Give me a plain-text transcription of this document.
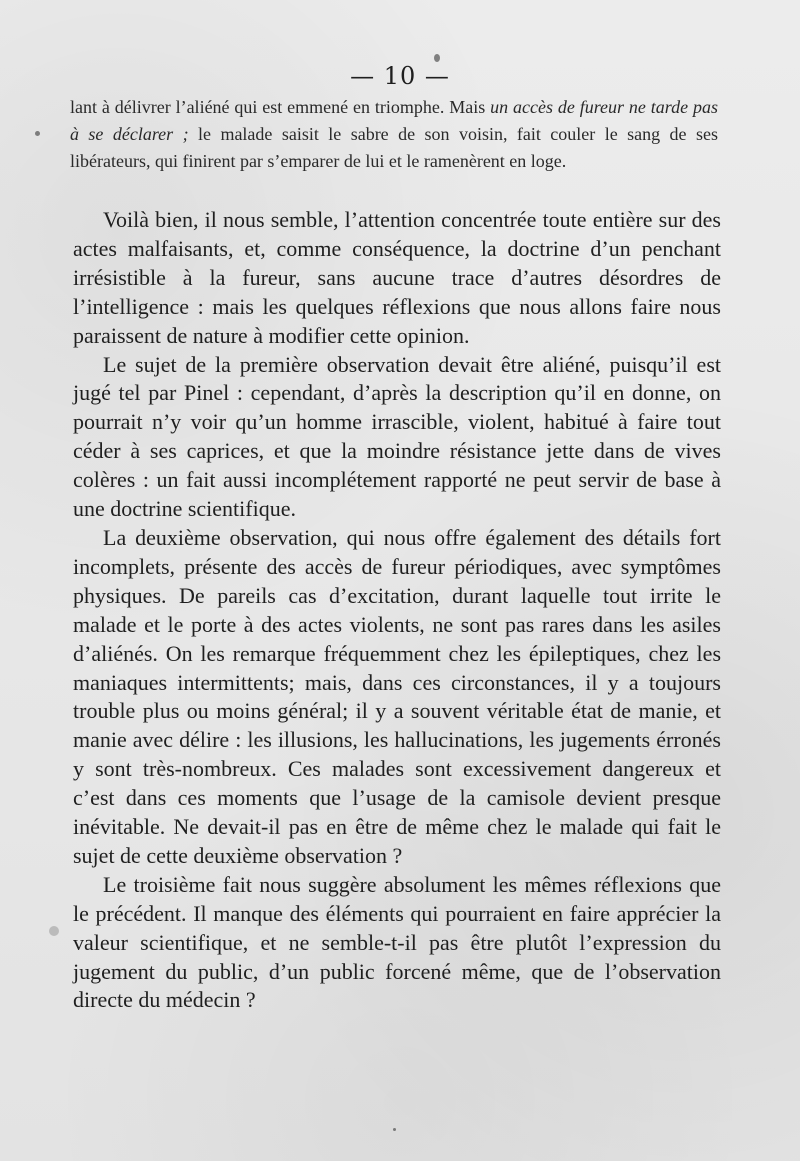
— 10 —
lant à délivrer l’aliéné qui est emmené en triomphe. Mais un accès de fureur ne tarde pas à se déclarer ; le malade saisit le sabre de son voisin, fait couler le sang de ses libérateurs, qui finirent par s’emparer de lui et le ramenèrent en loge.

Voilà bien, il nous semble, l’attention concentrée toute entière sur des actes malfaisants, et, comme conséquence, la doctrine d’un penchant irrésistible à la fureur, sans aucune trace d’autres désordres de l’intelligence : mais les quelques réflexions que nous allons faire nous paraissent de nature à modifier cette opinion.

Le sujet de la première observation devait être aliéné, puisqu’il est jugé tel par Pinel : cependant, d’après la description qu’il en donne, on pourrait n’y voir qu’un homme irrascible, violent, habitué à faire tout céder à ses caprices, et que la moindre résistance jette dans de vives colères : un fait aussi incomplétement rapporté ne peut servir de base à une doctrine scientifique.

La deuxième observation, qui nous offre également des détails fort incomplets, présente des accès de fureur périodiques, avec symptômes physiques. De pareils cas d’excitation, durant laquelle tout irrite le malade et le porte à des actes violents, ne sont pas rares dans les asiles d’aliénés. On les remarque fréquemment chez les épileptiques, chez les maniaques intermittents; mais, dans ces circonstances, il y a toujours trouble plus ou moins général; il y a souvent véritable état de manie, et manie avec délire : les illusions, les hallucinations, les jugements érronés y sont très-nombreux. Ces malades sont excessivement dangereux et c’est dans ces moments que l’usage de la camisole devient presque inévitable. Ne devait-il pas en être de même chez le malade qui fait le sujet de cette deuxième observation ?

Le troisième fait nous suggère absolument les mêmes réflexions que le précédent. Il manque des éléments qui pourraient en faire apprécier la valeur scientifique, et ne semble-t-il pas être plutôt l’expression du jugement du public, d’un public forcené même, que de l’observation directe du médecin ?
